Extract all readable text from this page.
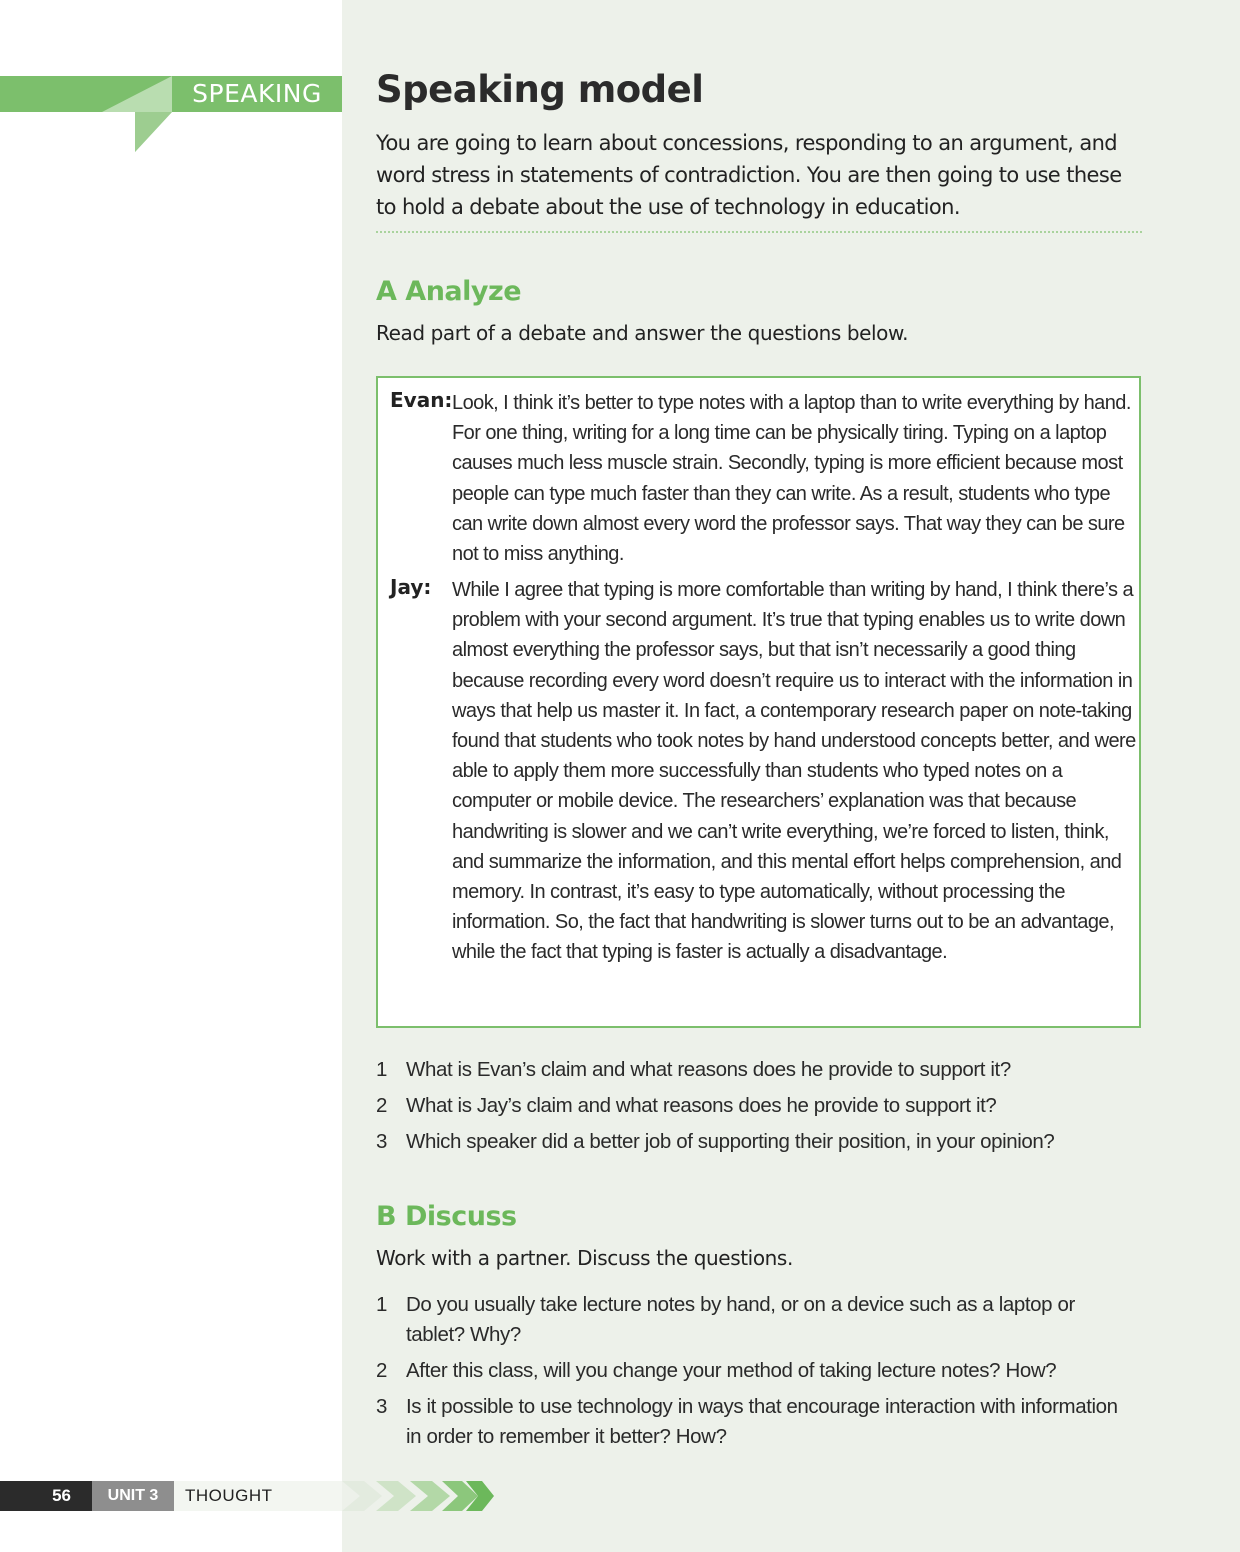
SPEAKING	Speaking model
You are going to learn about concessions, responding to an argument, and word stress in statements of contradiction. You are then going to use these to hold a debate about the use of technology in education.
A Analyze
Read part of a debate and answer the questions below.
Evan: Look, I think it’s better to type notes with a laptop than to write everything by hand. For one thing, writing for a long time can be physically tiring. Typing on a laptop causes much less muscle strain. Secondly, typing is more efficient because most people can type much faster than they can write. As a result, students who type can write down almost every word the professor says. That way they can be sure not to miss anything.
Jay: While I agree that typing is more comfortable than writing by hand, I think there’s a problem with your second argument. It’s true that typing enables us to write down almost everything the professor says, but that isn’t necessarily a good thing because recording every word doesn’t require us to interact with the information in ways that help us master it. In fact, a contemporary research paper on note-taking found that students who took notes by hand understood concepts better, and were able to apply them more successfully than students who typed notes on a computer or mobile device. The researchers’ explanation was that because handwriting is slower and we can’t write everything, we’re forced to listen, think, and summarize the information, and this mental effort helps comprehension, and memory. In contrast, it’s easy to type automatically, without processing the information. So, the fact that handwriting is slower turns out to be an advantage, while the fact that typing is faster is actually a disadvantage.
1 What is Evan’s claim and what reasons does he provide to support it?
2 What is Jay’s claim and what reasons does he provide to support it?
3 Which speaker did a better job of supporting their position, in your opinion?
B Discuss
Work with a partner. Discuss the questions.
1 Do you usually take lecture notes by hand, or on a device such as a laptop or tablet? Why?
2 After this class, will you change your method of taking lecture notes? How?
3 Is it possible to use technology in ways that encourage interaction with information in order to remember it better? How?
56	UNIT 3	THOUGHT
